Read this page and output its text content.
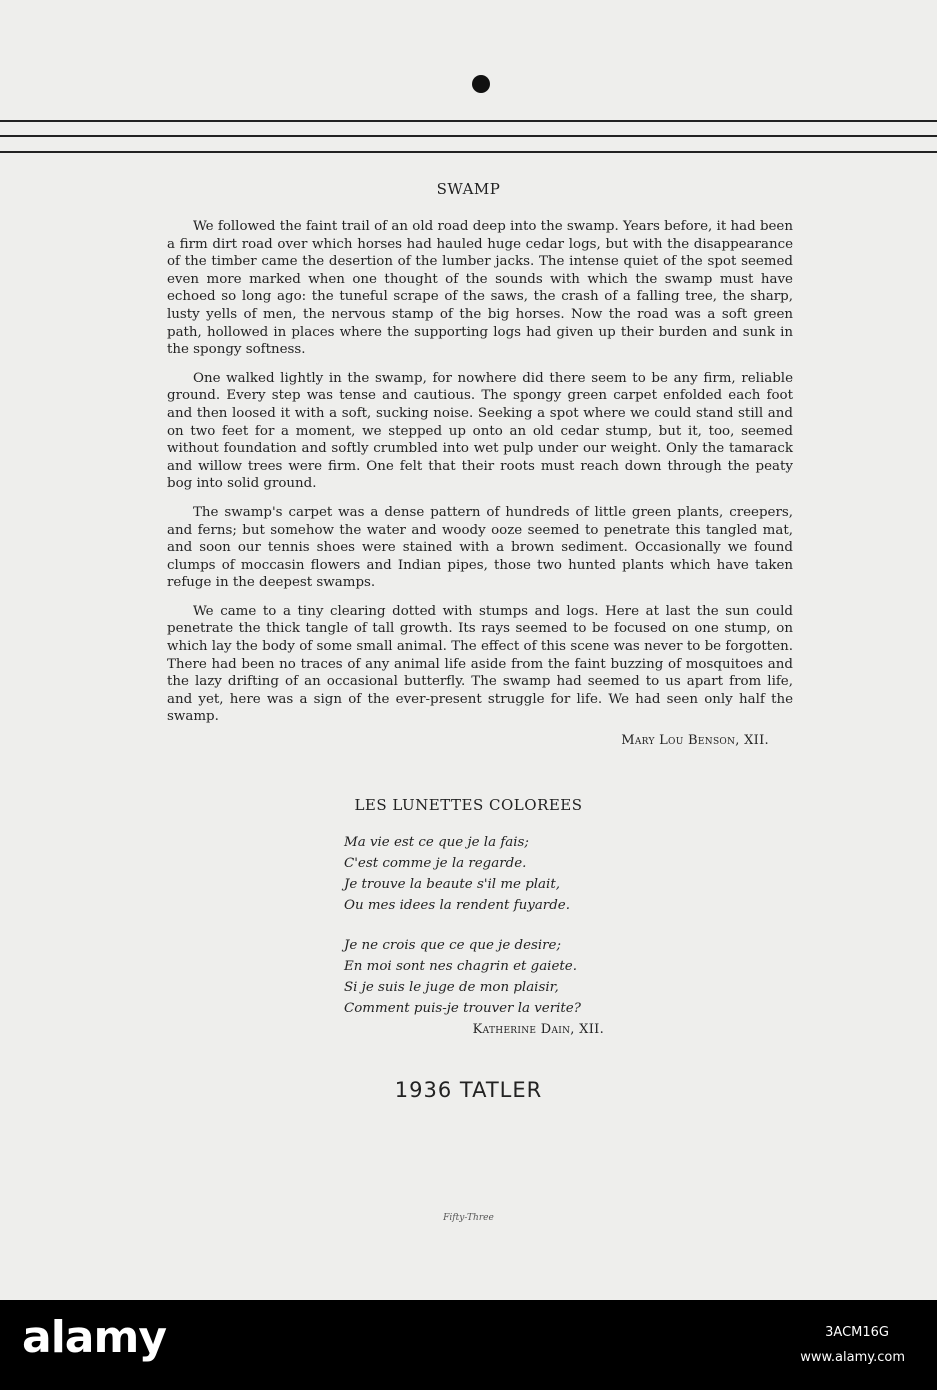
SWAMP

We followed the faint trail of an old road deep into the swamp. Years before, it had been a firm dirt road over which horses had hauled huge cedar logs, but with the disappearance of the timber came the desertion of the lumber jacks. The intense quiet of the spot seemed even more marked when one thought of the sounds with which the swamp must have echoed so long ago: the tuneful scrape of the saws, the crash of a falling tree, the sharp, lusty yells of men, the nervous stamp of the big horses. Now the road was a soft green path, hollowed in places where the supporting logs had given up their burden and sunk in the spongy softness.

One walked lightly in the swamp, for nowhere did there seem to be any firm, reliable ground. Every step was tense and cautious. The spongy green carpet enfolded each foot and then loosed it with a soft, sucking noise. Seeking a spot where we could stand still and on two feet for a moment, we stepped up onto an old cedar stump, but it, too, seemed without foundation and softly crumbled into wet pulp under our weight. Only the tamarack and willow trees were firm. One felt that their roots must reach down through the peaty bog into solid ground.

The swamp's carpet was a dense pattern of hundreds of little green plants, creepers, and ferns; but somehow the water and woody ooze seemed to penetrate this tangled mat, and soon our tennis shoes were stained with a brown sediment. Occasionally we found clumps of moccasin flowers and Indian pipes, those two hunted plants which have taken refuge in the deepest swamps.

We came to a tiny clearing dotted with stumps and logs. Here at last the sun could penetrate the thick tangle of tall growth. Its rays seemed to be focused on one stump, on which lay the body of some small animal. The effect of this scene was never to be forgotten. There had been no traces of any animal life aside from the faint buzzing of mosquitoes and the lazy drifting of an occasional butterfly. The swamp had seemed to us apart from life, and yet, here was a sign of the ever-present struggle for life. We had seen only half the swamp.

Mary Lou Benson, XII.
LES LUNETTES COLOREES
Ma vie est ce que je la fais;
C'est comme je la regarde.
Je trouve la beaute s'il me plait,
Ou mes idees la rendent fuyarde.
Je ne crois que ce que je desire;
En moi sont nes chagrin et gaiete.
Si je suis le juge de mon plaisir,
Comment puis-je trouver la verite?
Katherine Dain, XII.
1936 TATLER
Fifty-Three
alamy	3ACM16G
www.alamy.com
